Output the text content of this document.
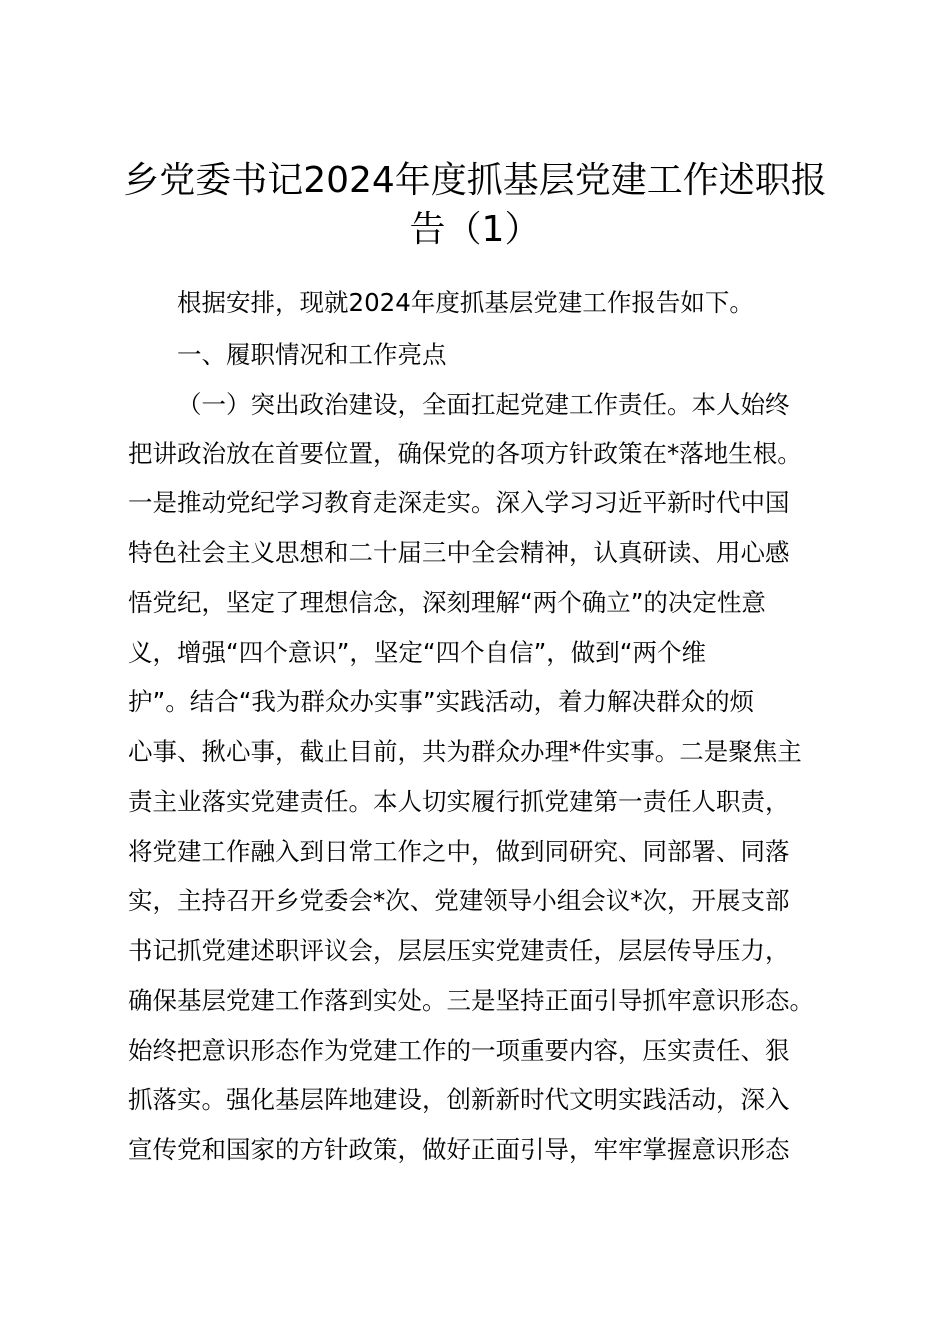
乡党委书记2024年度抓基层党建工作述职报
告（1）

根据安排，现就2024年度抓基层党建工作报告如下。

一、履职情况和工作亮点

（一）突出政治建设，全面扛起党建工作责任。本人始终

把讲政治放在首要位置，确保党的各项方针政策在*落地生根。

一是推动党纪学习教育走深走实。深入学习习近平新时代中国

特色社会主义思想和二十届三中全会精神，认真研读、用心感

悟党纪，坚定了理想信念，深刻理解“两个确立”的决定性意

义，增强“四个意识”，坚定“四个自信”，做到“两个维

护”。结合“我为群众办实事”实践活动，着力解决群众的烦

心事、揪心事，截止目前，共为群众办理*件实事。二是聚焦主

责主业落实党建责任。本人切实履行抓党建第一责任人职责，

将党建工作融入到日常工作之中，做到同研究、同部署、同落

实，主持召开乡党委会*次、党建领导小组会议*次，开展支部

书记抓党建述职评议会，层层压实党建责任，层层传导压力，

确保基层党建工作落到实处。三是坚持正面引导抓牢意识形态。

始终把意识形态作为党建工作的一项重要内容，压实责任、狠

抓落实。强化基层阵地建设，创新新时代文明实践活动，深入

宣传党和国家的方针政策，做好正面引导，牢牢掌握意识形态
